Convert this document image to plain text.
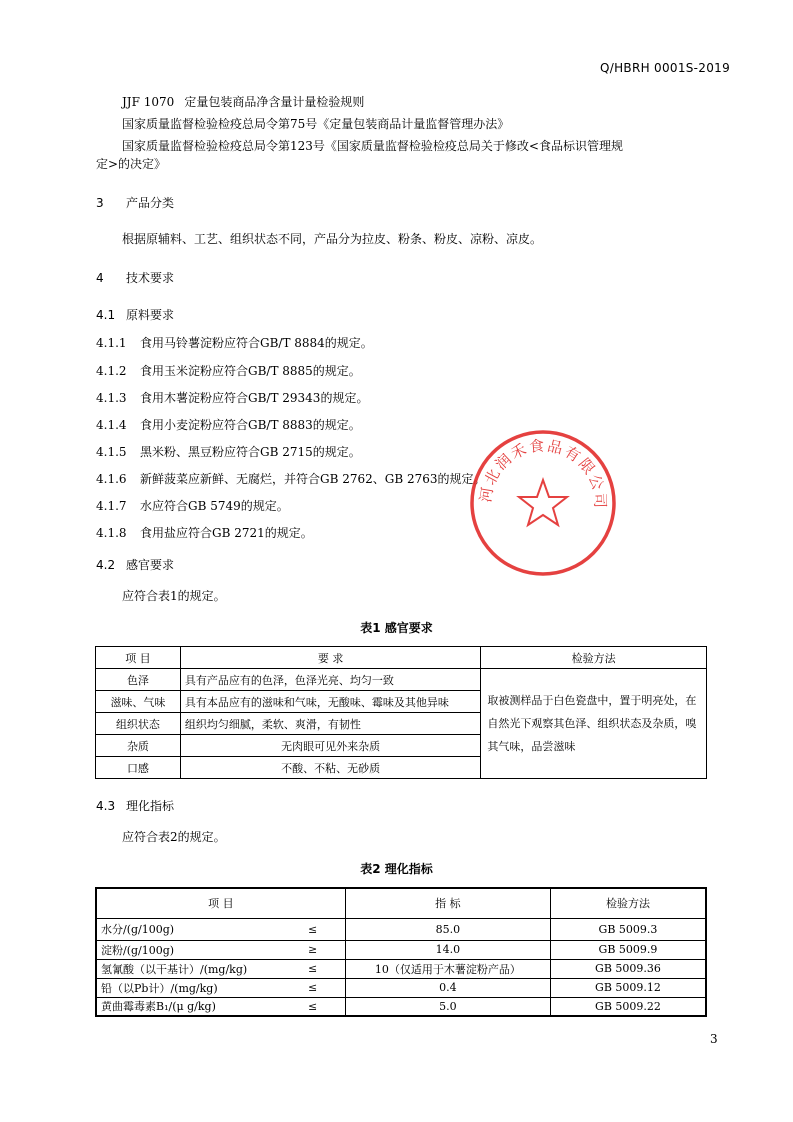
Q/HBRH 0001S-2019
JJF 1070 定量包装商品净含量计量检验规则
国家质量监督检验检疫总局令第75号《定量包装商品计量监督管理办法》
国家质量监督检验检疫总局令第123号《国家质量监督检验检疫总局关于修改<食品标识管理规
定>的决定》
3 产品分类
根据原辅料、工艺、组织状态不同，产品分为拉皮、粉条、粉皮、凉粉、凉皮。
4 技术要求
4.1 原料要求
4.1.1 食用马铃薯淀粉应符合GB/T 8884的规定。
4.1.2 食用玉米淀粉应符合GB/T 8885的规定。
4.1.3 食用木薯淀粉应符合GB/T 29343的规定。
4.1.4 食用小麦淀粉应符合GB/T 8883的规定。
4.1.5 黑米粉、黑豆粉应符合GB 2715的规定。
4.1.6 新鲜菠菜应新鲜、无腐烂，并符合GB 2762、GB 2763的规定。
4.1.7 水应符合GB 5749的规定。
4.1.8 食用盐应符合GB 2721的规定。
4.2 感官要求
应符合表1的规定。
表1 感官要求
项 目	要 求	检验方法
色泽	具有产品应有的色泽，色泽光亮、均匀一致	取被测样品于白色瓷盘中，置于明亮处，在自然光下观察其色泽、组织状态及杂质，嗅其气味，品尝滋味
滋味、气味	具有本品应有的滋味和气味，无酸味、霉味及其他异味	
组织状态	组织均匀细腻，柔软、爽滑，有韧性	
杂质	无肉眼可见外来杂质	
口感	不酸、不粘、无砂质	
4.3 理化指标
应符合表2的规定。
表2 理化指标
项 目		指 标	检验方法
水分/(g/100g)	≤	85.0	GB 5009.3
淀粉/(g/100g)	≥	14.0	GB 5009.9
氢氰酸（以干基计）/(mg/kg)	≤	10（仅适用于木薯淀粉产品）	GB 5009.36
铅（以Pb计）/(mg/kg)	≤	0.4	GB 5009.12
黄曲霉毒素B₁/(μ g/kg)	≤	5.0	GB 5009.22
3
河北润禾食品有限公司
